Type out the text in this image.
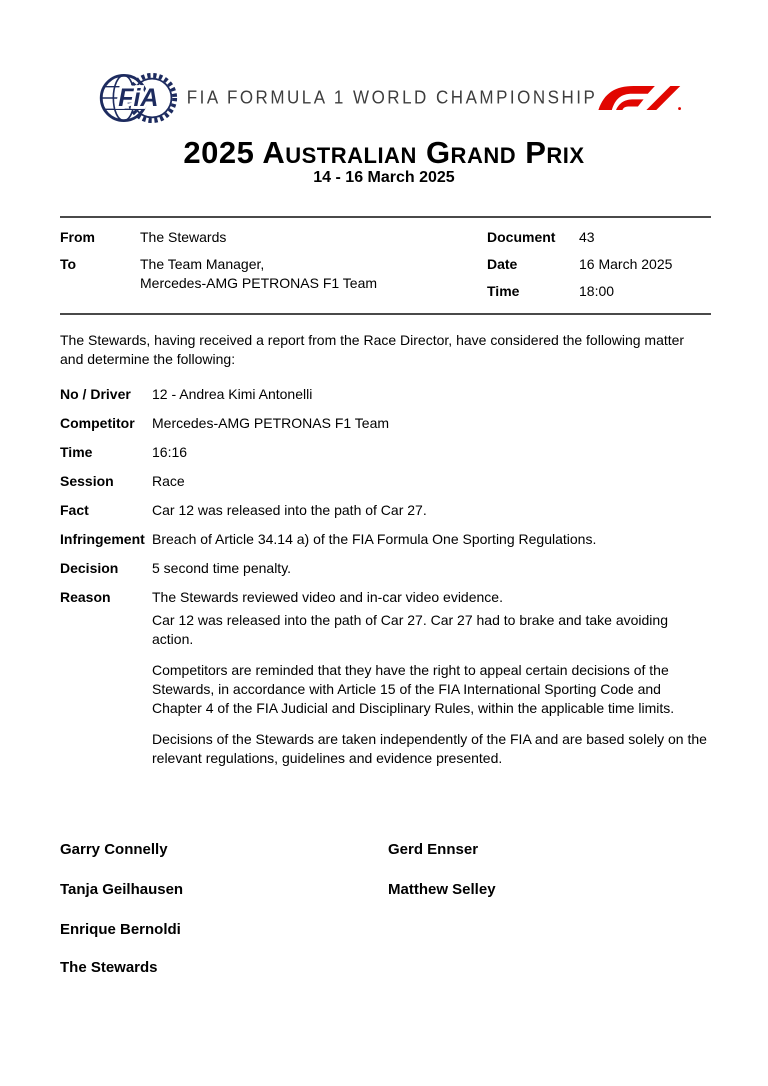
FiA	FIA FORMULA 1 WORLD CHAMPIONSHIP
2025 Australian Grand Prix
14 - 16 March 2025
From	The Stewards
To	The Team Manager,
Mercedes-AMG PETRONAS F1 Team
Document	43
Date	16 March 2025
Time	18:00
The Stewards, having received a report from the Race Director, have considered the following matter and determine the following:
No / Driver	12 - Andrea Kimi Antonelli
Competitor	Mercedes-AMG PETRONAS F1 Team
Time	16:16
Session	Race
Fact	Car 12 was released into the path of Car 27.
Infringement Breach of Article 34.14 a) of the FIA Formula One Sporting Regulations.
Decision	5 second time penalty.
Reason	The Stewards reviewed video and in-car video evidence.

Car 12 was released into the path of Car 27. Car 27 had to brake and take avoiding action.

Competitors are reminded that they have the right to appeal certain decisions of the Stewards, in accordance with Article 15 of the FIA International Sporting Code and Chapter 4 of the FIA Judicial and Disciplinary Rules, within the applicable time limits.

Decisions of the Stewards are taken independently of the FIA and are based solely on the relevant regulations, guidelines and evidence presented.

Garry Connelly	Gerd Ennser
Tanja Geilhausen	Matthew Selley
Enrique Bernoldi
The Stewards
